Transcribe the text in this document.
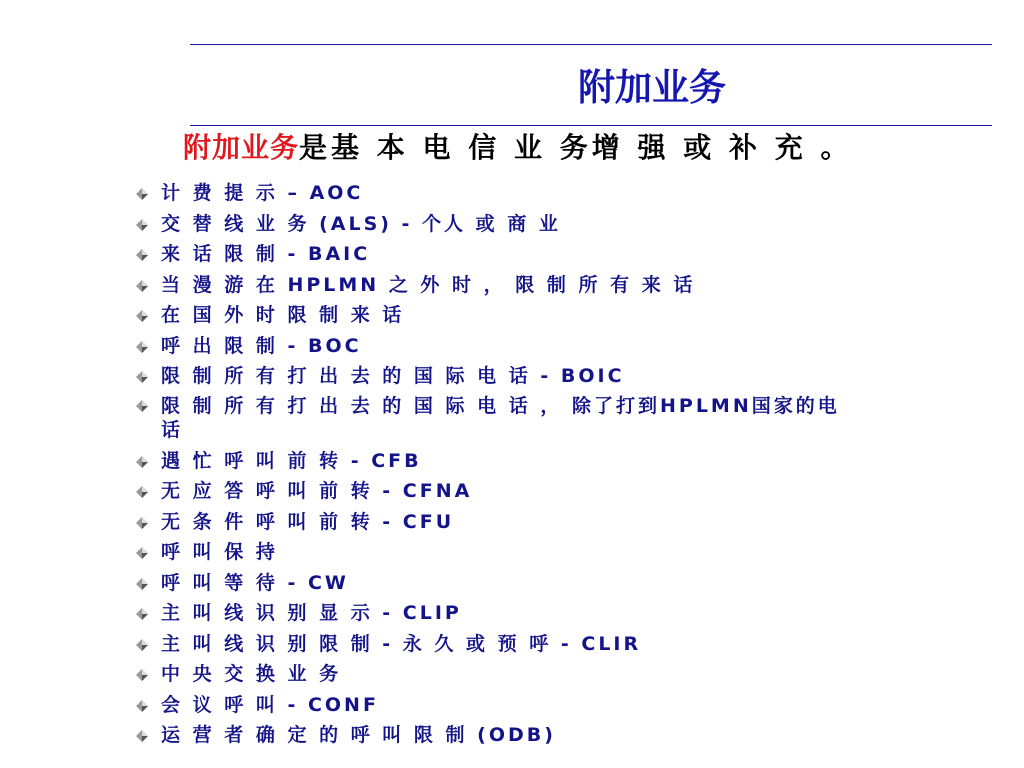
附加业务
附加业务是基 本 电 信 业 务增 强 或 补 充 。
计 费 提 示 – AOC
交 替 线 业 务 (ALS) - 个人 或 商 业
来 话 限 制 - BAIC
当 漫 游 在 HPLMN 之 外 时 ， 限 制 所 有 来 话
在 国 外 时 限 制 来 话
呼 出 限 制 - BOC
限 制 所 有 打 出 去 的 国 际 电 话 - BOIC
限 制 所 有 打 出 去 的 国 际 电 话 ， 除了打到HPLMN国家的电话
遇 忙 呼 叫 前 转 - CFB
无 应 答 呼 叫 前 转 - CFNA
无 条 件 呼 叫 前 转 - CFU
呼 叫 保 持
呼 叫 等 待 - CW
主 叫 线 识 别 显 示 - CLIP
主 叫 线 识 别 限 制 - 永 久 或 预 呼 - CLIR
中 央 交 换 业 务
会 议 呼 叫 - CONF
运 营 者 确 定 的 呼 叫 限 制 (ODB)
